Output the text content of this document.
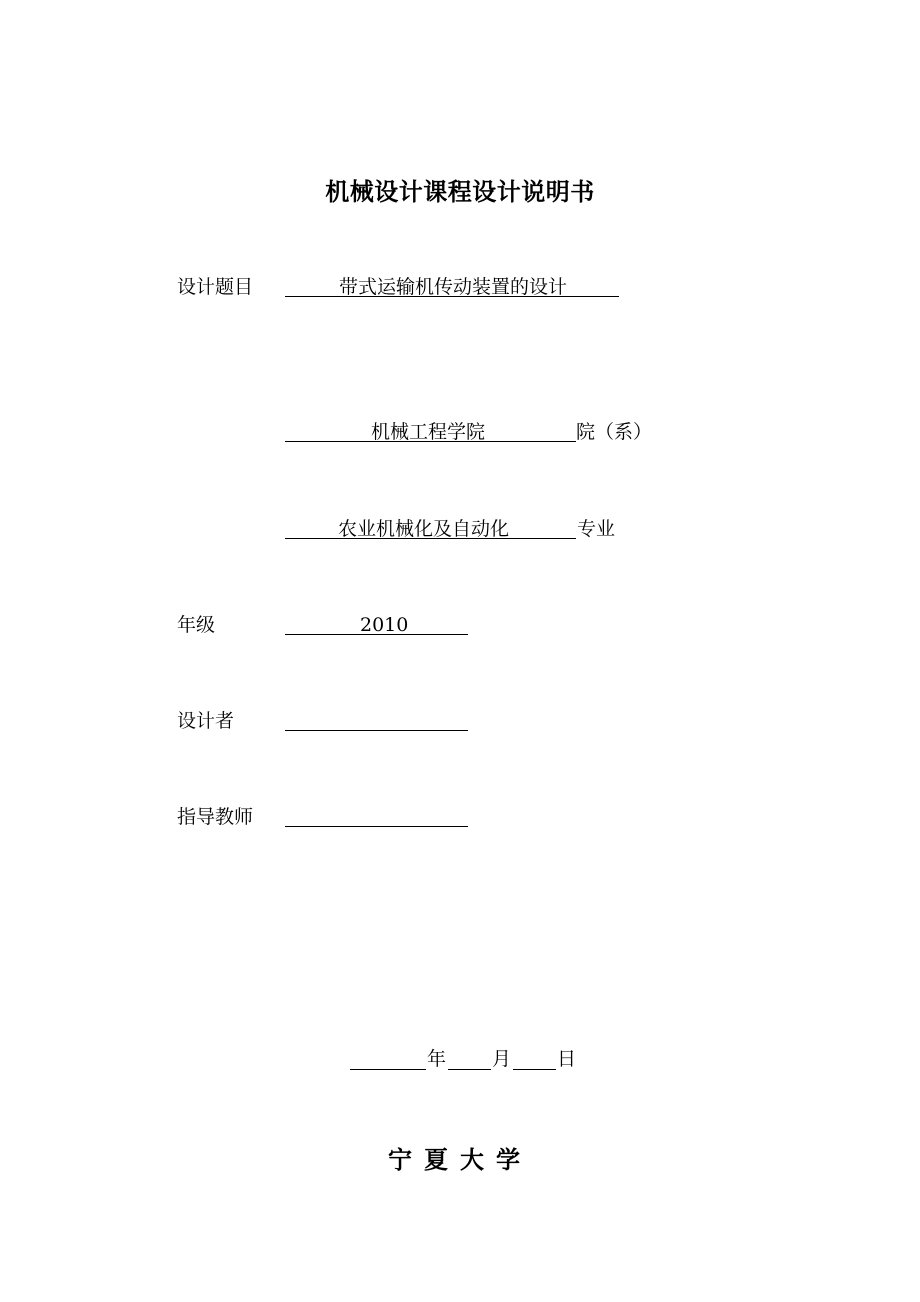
机械设计课程设计说明书
设计题目	带式运输机传动装置的设计
机械工程学院	院（系）
农业机械化及自动化	专业
年级	2010
设计者
指导教师
年 月 日
宁夏大学
